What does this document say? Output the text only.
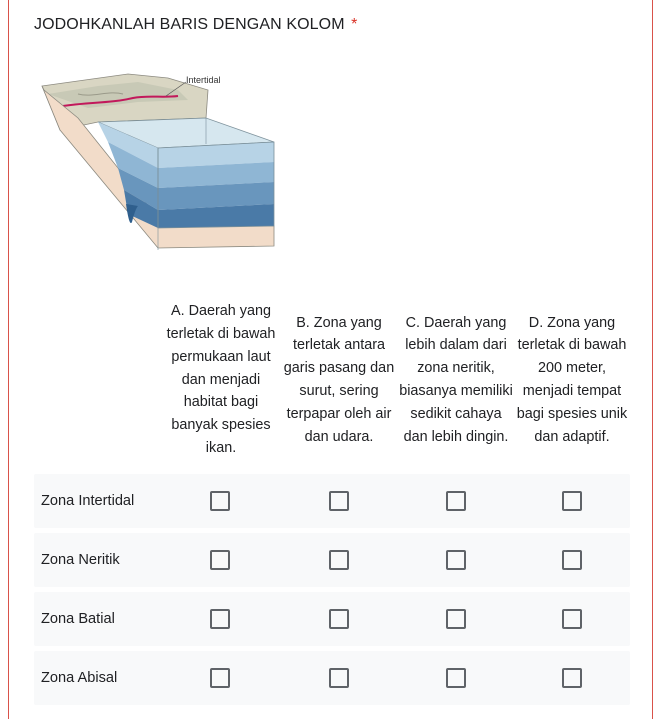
JODOHKANLAH BARIS DENGAN KOLOM *
Intertidal
A. Daerah yang terletak di bawah permukaan laut dan menjadi habitat bagi banyak spesies ikan.
B. Zona yang terletak antara garis pasang dan surut, sering terpapar oleh air dan udara.
C. Daerah yang lebih dalam dari zona neritik, biasanya memiliki sedikit cahaya dan lebih dingin.
D. Zona yang terletak di bawah 200 meter, menjadi tempat bagi spesies unik dan adaptif.
Zona Intertidal
Zona Neritik
Zona Batial
Zona Abisal
